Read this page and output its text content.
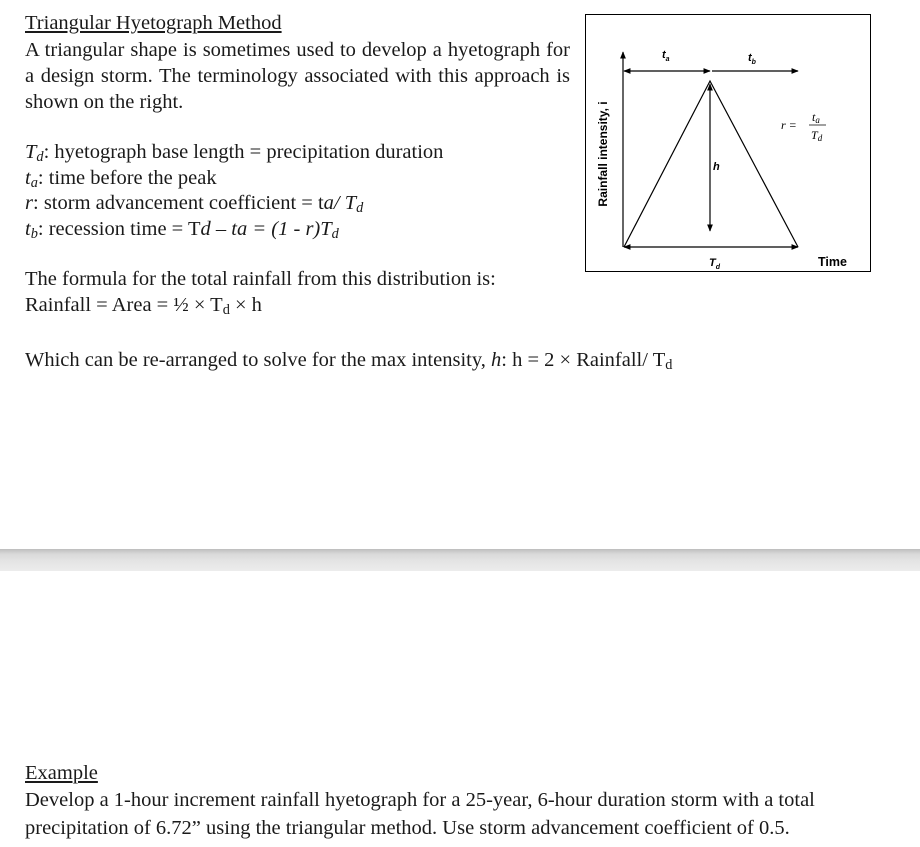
Triangular Hyetograph Method
A triangular shape is sometimes used to develop a hyetograph for a design storm. The terminology associated with this approach is shown on the right.
$T_d$: hyetograph base length = precipitation duration
$t_a$: time before the peak
r: storm advancement coefficient = ta/ $T_d$
$t_b$: recession time = Td – ta = $(1 - r)T_d$
The formula for the total rainfall from this distribution is:
Rainfall = Area = ½ × $T_d \times h$
Which can be re-arranged to solve for the max intensity, h: h = 2 × Rainfall/ $T_d$
Rainfall intensity, i
$t_a$	$t_b$
h
$T_d$	Time
r =
ta
Td
Example
Develop a 1-hour increment rainfall hyetograph for a 25-year, 6-hour duration storm with a total
precipitation of 6.72” using the triangular method. Use storm advancement coefficient of 0.5.
